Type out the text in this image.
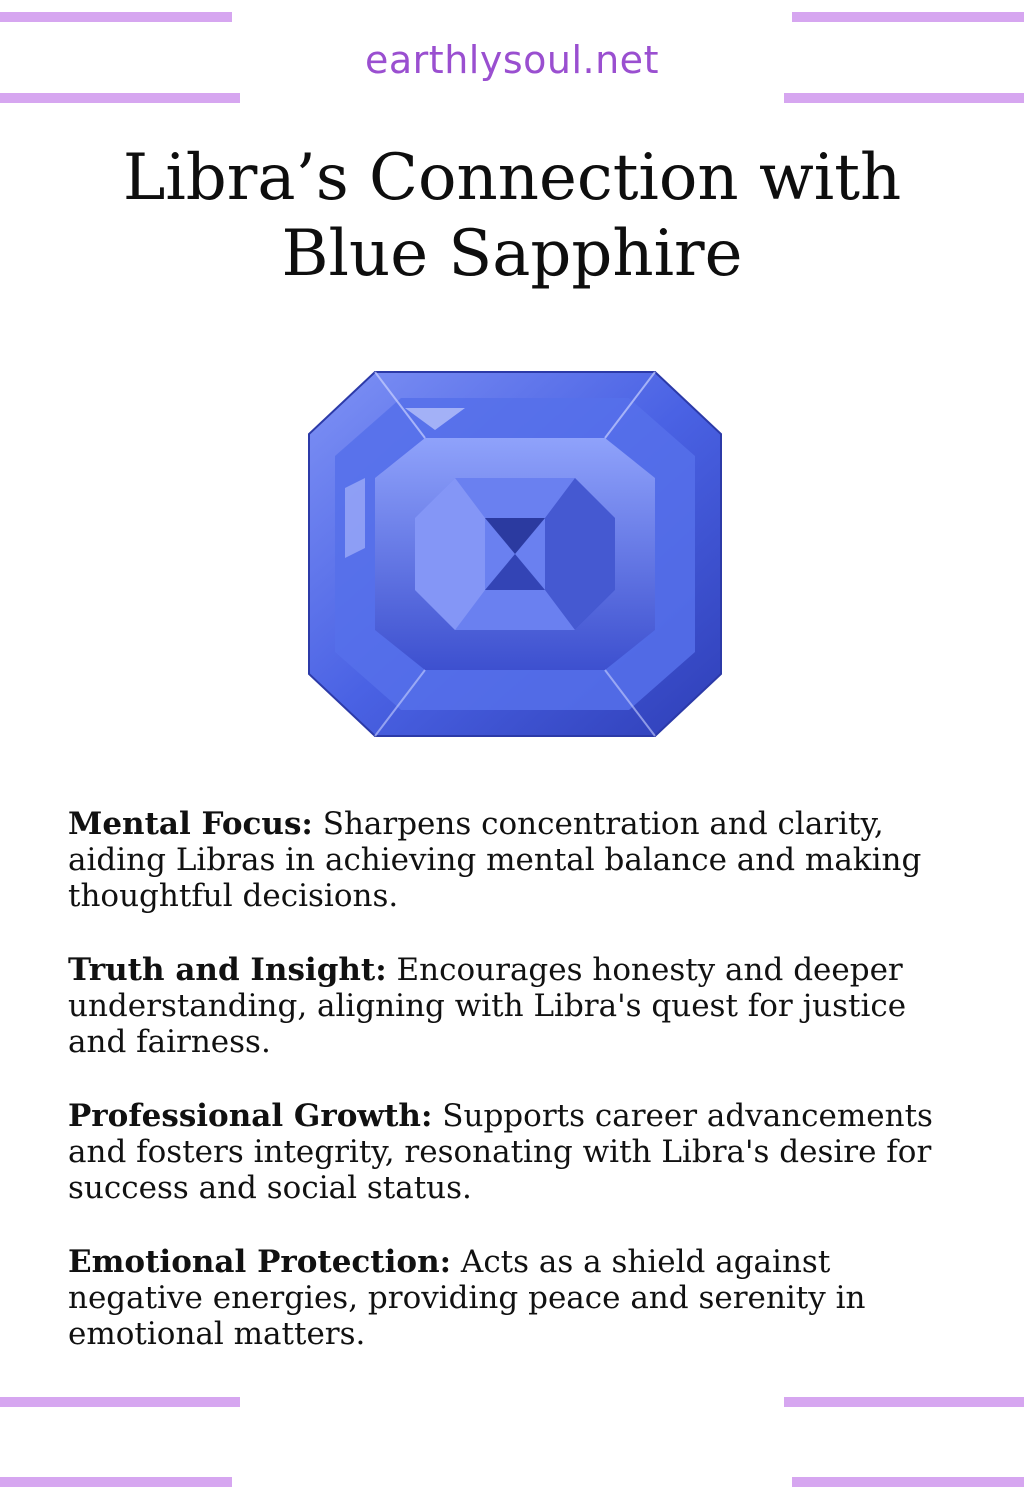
earthlysoul.net
Libra’s Connection with Blue Sapphire

Mental Focus: Sharpens concentration and clarity, aiding Libras in achieving mental balance and making thoughtful decisions.

Truth and Insight: Encourages honesty and deeper understanding, aligning with Libra's quest for justice and fairness.

Professional Growth: Supports career advancements and fosters integrity, resonating with Libra's desire for success and social status.

Emotional Protection: Acts as a shield against negative energies, providing peace and serenity in emotional matters.
